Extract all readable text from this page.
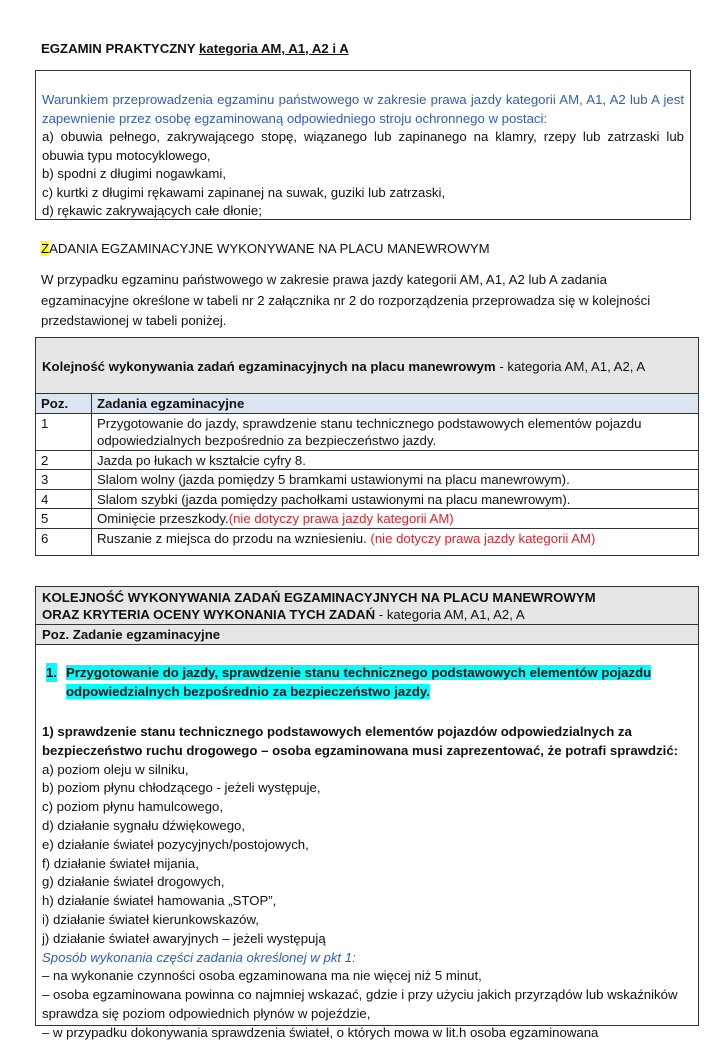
EGZAMIN PRAKTYCZNY kategoria AM, A1, A2 i A
Warunkiem przeprowadzenia egzaminu państwowego w zakresie prawa jazdy kategorii AM, A1, A2 lub A jest zapewnienie przez osobę egzaminowaną odpowiedniego stroju ochronnego w postaci:
a) obuwia pełnego, zakrywającego stopę, wiązanego lub zapinanego na klamry, rzepy lub zatrzaski lub obuwia typu motocyklowego,
b) spodni z długimi nogawkami,
c) kurtki z długimi rękawami zapinanej na suwak, guziki lub zatrzaski,
d) rękawic zakrywających całe dłonie;
ZADANIA EGZAMINACYJNE WYKONYWANE NA PLACU MANEWROWYM
W przypadku egzaminu państwowego w zakresie prawa jazdy kategorii AM, A1, A2 lub A zadania egzaminacyjne określone w tabeli nr 2 załącznika nr 2 do rozporządzenia przeprowadza się w kolejności przedstawionej w tabeli poniżej.
Kolejność wykonywania zadań egzaminacyjnych na placu manewrowym - kategoria AM, A1, A2, A
Poz.	Zadania egzaminacyjne
1	Przygotowanie do jazdy, sprawdzenie stanu technicznego podstawowych elementów pojazdu odpowiedzialnych bezpośrednio za bezpieczeństwo jazdy.
2	Jazda po łukach w kształcie cyfry 8.
3	Slalom wolny (jazda pomiędzy 5 bramkami ustawionymi na placu manewrowym).
4	Slalom szybki (jazda pomiędzy pachołkami ustawionymi na placu manewrowym).
5	Ominięcie przeszkody.(nie dotyczy prawa jazdy kategorii AM)
6	Ruszanie z miejsca do przodu na wzniesieniu. (nie dotyczy prawa jazdy kategorii AM)
KOLEJNOŚĆ WYKONYWANIA ZADAŃ EGZAMINACYJNYCH NA PLACU MANEWROWYM
ORAZ KRYTERIA OCENY WYKONANIA TYCH ZADAŃ - kategoria AM, A1, A2, A
Poz. Zadanie egzaminacyjne
1. Przygotowanie do jazdy, sprawdzenie stanu technicznego podstawowych elementów pojazdu odpowiedzialnych bezpośrednio za bezpieczeństwo jazdy.
1) sprawdzenie stanu technicznego podstawowych elementów pojazdów odpowiedzialnych za bezpieczeństwo ruchu drogowego – osoba egzaminowana musi zaprezentować, że potrafi sprawdzić:
a) poziom oleju w silniku,
b) poziom płynu chłodzącego - jeżeli występuje,
c) poziom płynu hamulcowego,
d) działanie sygnału dźwiękowego,
e) działanie świateł pozycyjnych/postojowych,
f) działanie świateł mijania,
g) działanie świateł drogowych,
h) działanie świateł hamowania „STOP”,
i) działanie świateł kierunkowskazów,
j) działanie świateł awaryjnych – jeżeli występują
Sposób wykonania części zadania określonej w pkt 1:
– na wykonanie czynności osoba egzaminowana ma nie więcej niż 5 minut,
– osoba egzaminowana powinna co najmniej wskazać, gdzie i przy użyciu jakich przyrządów lub wskaźników sprawdza się poziom odpowiednich płynów w pojeździe,
– w przypadku dokonywania sprawdzenia świateł, o których mowa w lit.h osoba egzaminowana
